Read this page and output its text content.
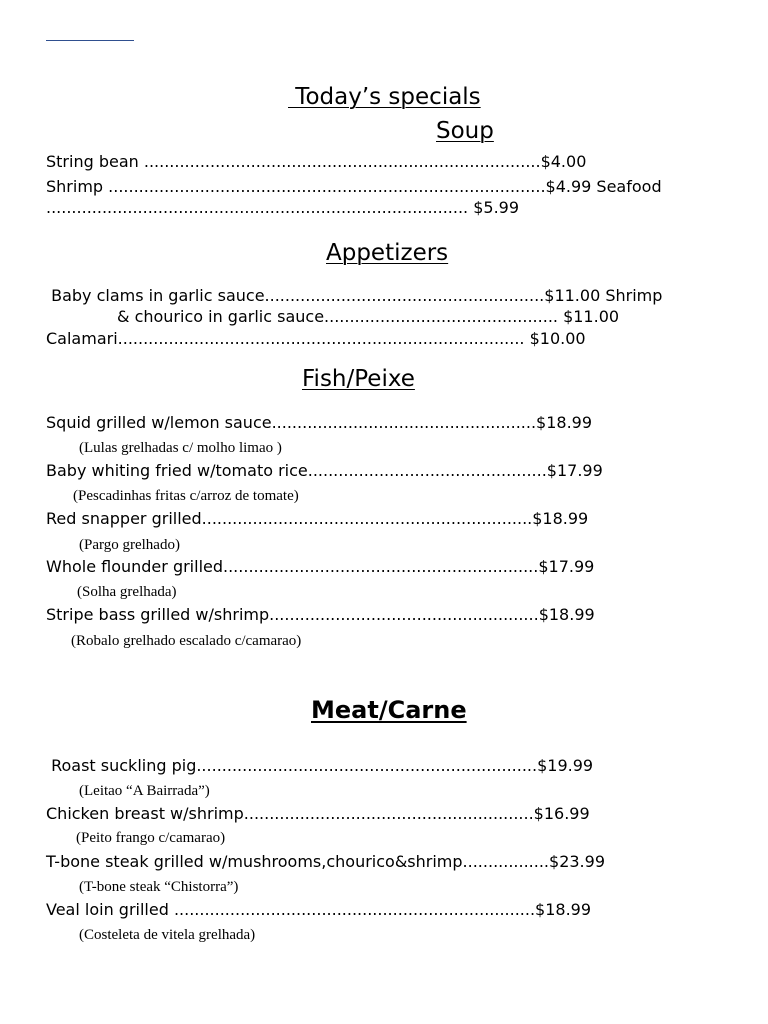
Today’s specials
Soup
String bean ..............................................................................$4.00
Shrimp ......................................................................................$4.99 Seafood
................................................................................... $5.99
Appetizers
Baby clams in garlic sauce.......................................................$11.00 Shrimp
& chourico in garlic sauce.............................................. $11.00
Calamari................................................................................ $10.00
Fish/Peixe
Squid grilled w/lemon sauce....................................................$18.99
(Lulas grelhadas c/ molho limao )
Baby whiting fried w/tomato rice...............................................$17.99
(Pescadinhas fritas c/arroz de tomate)
Red snapper grilled.................................................................$18.99
(Pargo grelhado)
Whole flounder grilled..............................................................$17.99
(Solha grelhada)
Stripe bass grilled w/shrimp.....................................................$18.99
(Robalo grelhado escalado c/camarao)
Meat/Carne
Roast suckling pig...................................................................$19.99
(Leitao “A Bairrada”)
Chicken breast w/shrimp.........................................................$16.99
(Peito frango c/camarao)
T-bone steak grilled w/mushrooms,chourico&shrimp.................$23.99
(T-bone steak “Chistorra”)
Veal loin grilled .......................................................................$18.99
(Costeleta de vitela grelhada)
